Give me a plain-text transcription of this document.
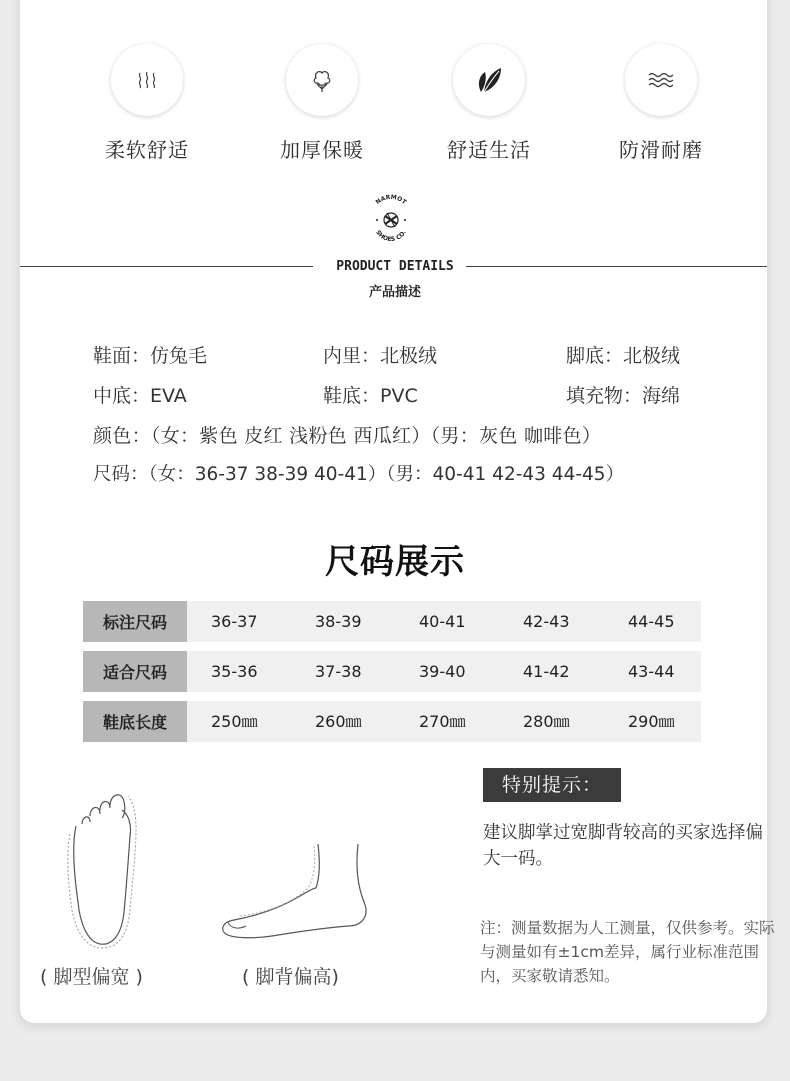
柔软舒适	加厚保暖	舒适生活	防滑耐磨
NARMOT
SHOES CO.
PRODUCT DETAILS
产品描述
鞋面：仿兔毛	内里：北极绒	脚底：北极绒
中底：EVA	鞋底：PVC	填充物：海绵
颜色：（女：紫色 皮红 浅粉色 西瓜红）（男：灰色 咖啡色）
尺码：（女：36-37 38-39 40-41）（男：40-41 42-43 44-45）
尺码展示
标注尺码	36-37	38-39	40-41	42-43	44-45
适合尺码	35-36	37-38	39-40	41-42	43-44
鞋底长度	250㎜	260㎜	270㎜	280㎜	290㎜
( 脚型偏宽 )	( 脚背偏高)
特别提示：
建议脚掌过宽脚背较高的买家选择偏大一码。
注：测量数据为人工测量，仅供参考。实际与测量如有±1cm差异，属行业标准范围内，买家敬请悉知。
